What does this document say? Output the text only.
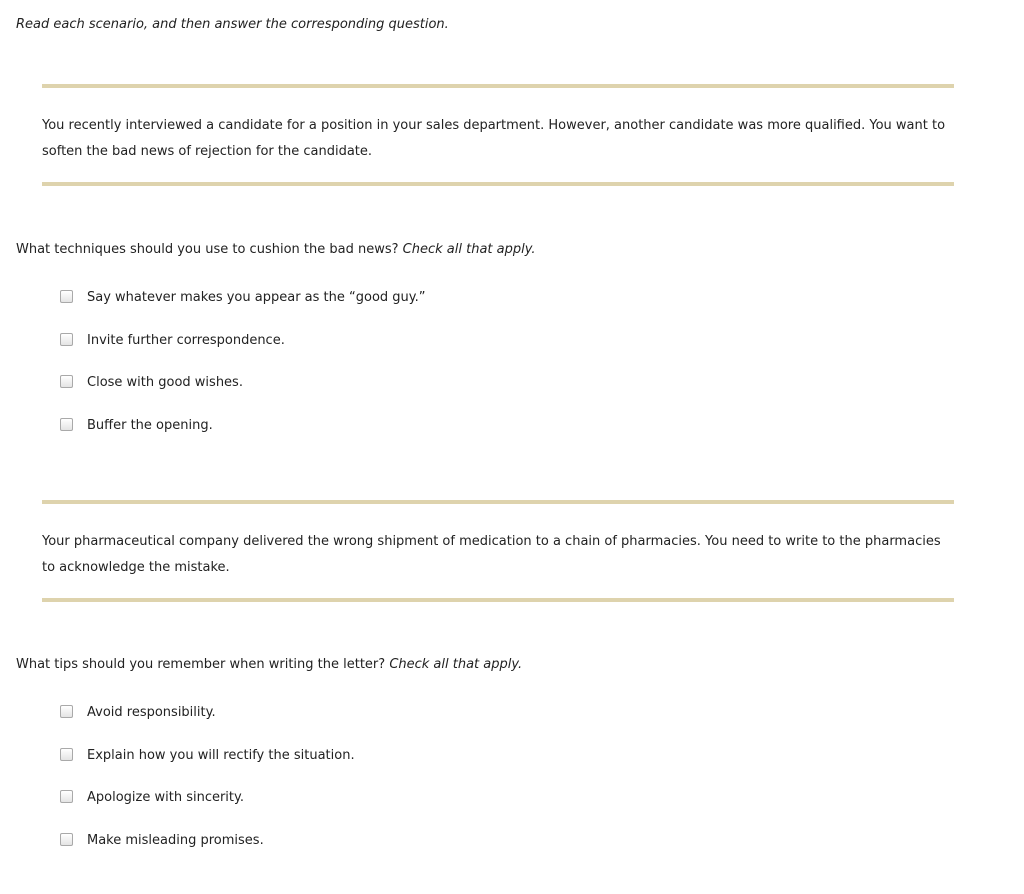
Read each scenario, and then answer the corresponding question.

You recently interviewed a candidate for a position in your sales department. However, another candidate was more qualified. You want to soften the bad news of rejection for the candidate.

What techniques should you use to cushion the bad news? Check all that apply.

Say whatever makes you appear as the “good guy.”
Invite further correspondence.
Close with good wishes.
Buffer the opening.

Your pharmaceutical company delivered the wrong shipment of medication to a chain of pharmacies. You need to write to the pharmacies to acknowledge the mistake.

What tips should you remember when writing the letter? Check all that apply.

Avoid responsibility.
Explain how you will rectify the situation.
Apologize with sincerity.
Make misleading promises.
